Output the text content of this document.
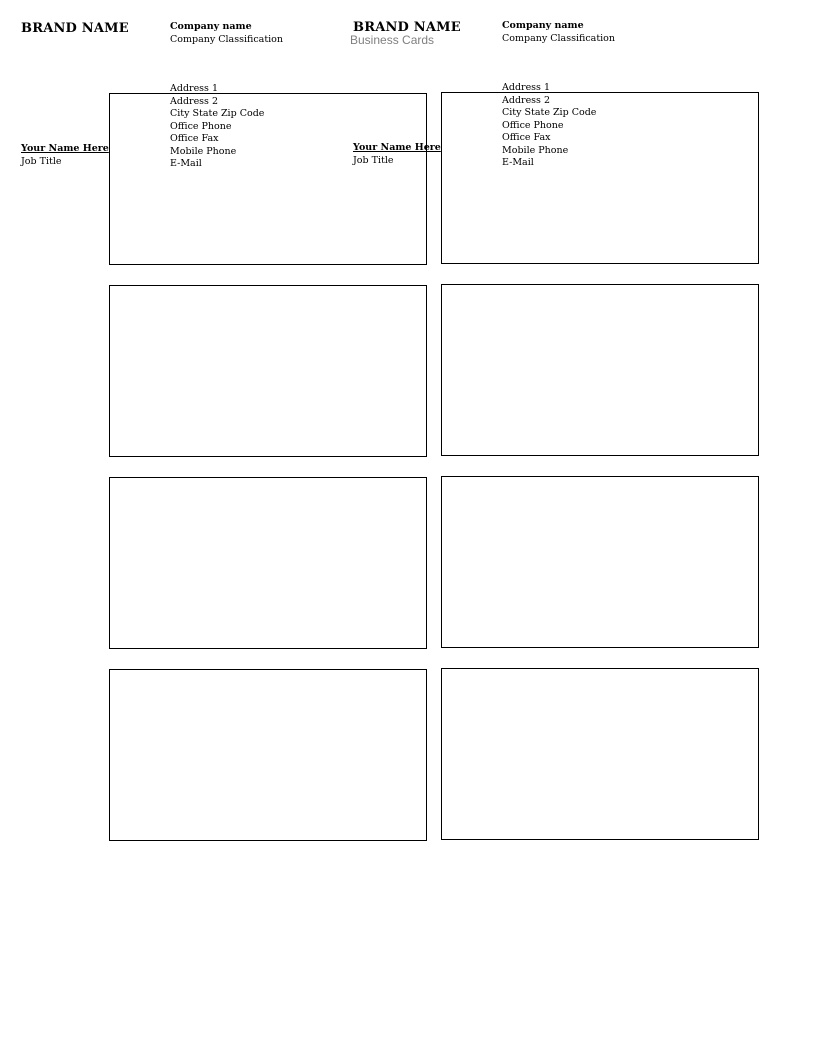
BRAND NAME	Company name
Company Classification
Address 1
Address 2
City State Zip Code
Office Phone
Office Fax
Mobile Phone
E-Mail
Your Name Here
Job Title
BRAND NAME
Business Cards
Company name
Company Classification
Address 1
Address 2
City State Zip Code
Office Phone
Office Fax
Mobile Phone
E-Mail
Your Name Here
Job Title
